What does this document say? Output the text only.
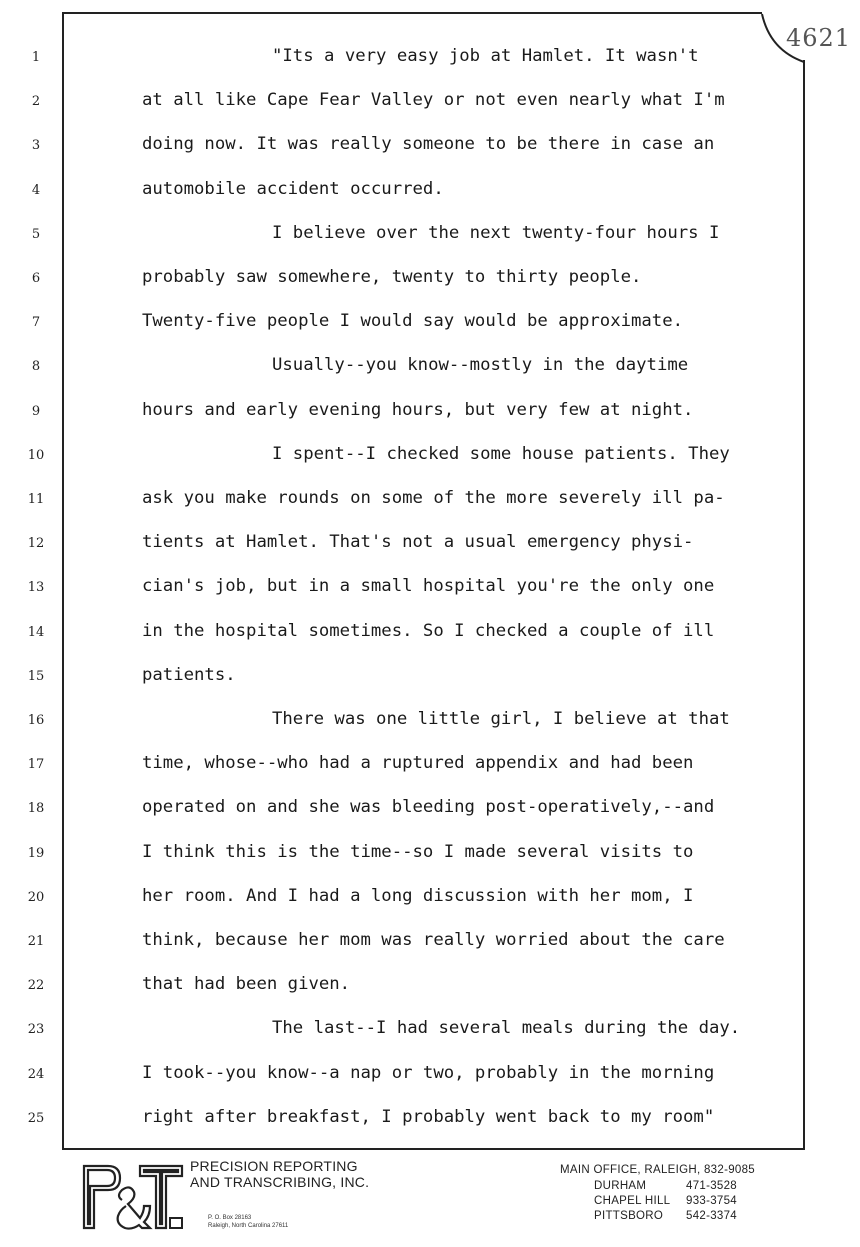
4621
1	"Its a very easy job at Hamlet. It wasn't
2	at all like Cape Fear Valley or not even nearly what I'm
3	doing now. It was really someone to be there in case an
4	automobile accident occurred.
5	I believe over the next twenty-four hours I
6	probably saw somewhere, twenty to thirty people.
7	Twenty-five people I would say would be approximate.
8	Usually--you know--mostly in the daytime
9	hours and early evening hours, but very few at night.
10	I spent--I checked some house patients. They
11	ask you make rounds on some of the more severely ill pa-
12	tients at Hamlet. That's not a usual emergency physi-
13	cian's job, but in a small hospital you're the only one
14	in the hospital sometimes. So I checked a couple of ill
15	patients.
16	There was one little girl, I believe at that
17	time, whose--who had a ruptured appendix and had been
18	operated on and she was bleeding post-operatively,--and
19	I think this is the time--so I made several visits to
20	her room. And I had a long discussion with her mom, I
21	think, because her mom was really worried about the care
22	that had been given.
23	The last--I had several meals during the day.
24	I took--you know--a nap or two, probably in the morning
25	right after breakfast, I probably went back to my room"
P&T	PRECISION REPORTING
AND TRANSCRIBING, INC.
P. O. Box 28163
Raleigh, North Carolina 27611
MAIN OFFICE, RALEIGH, 832-9085
DURHAM	471-3528
CHAPEL HILL	933-3754
PITTSBORO	542-3374
